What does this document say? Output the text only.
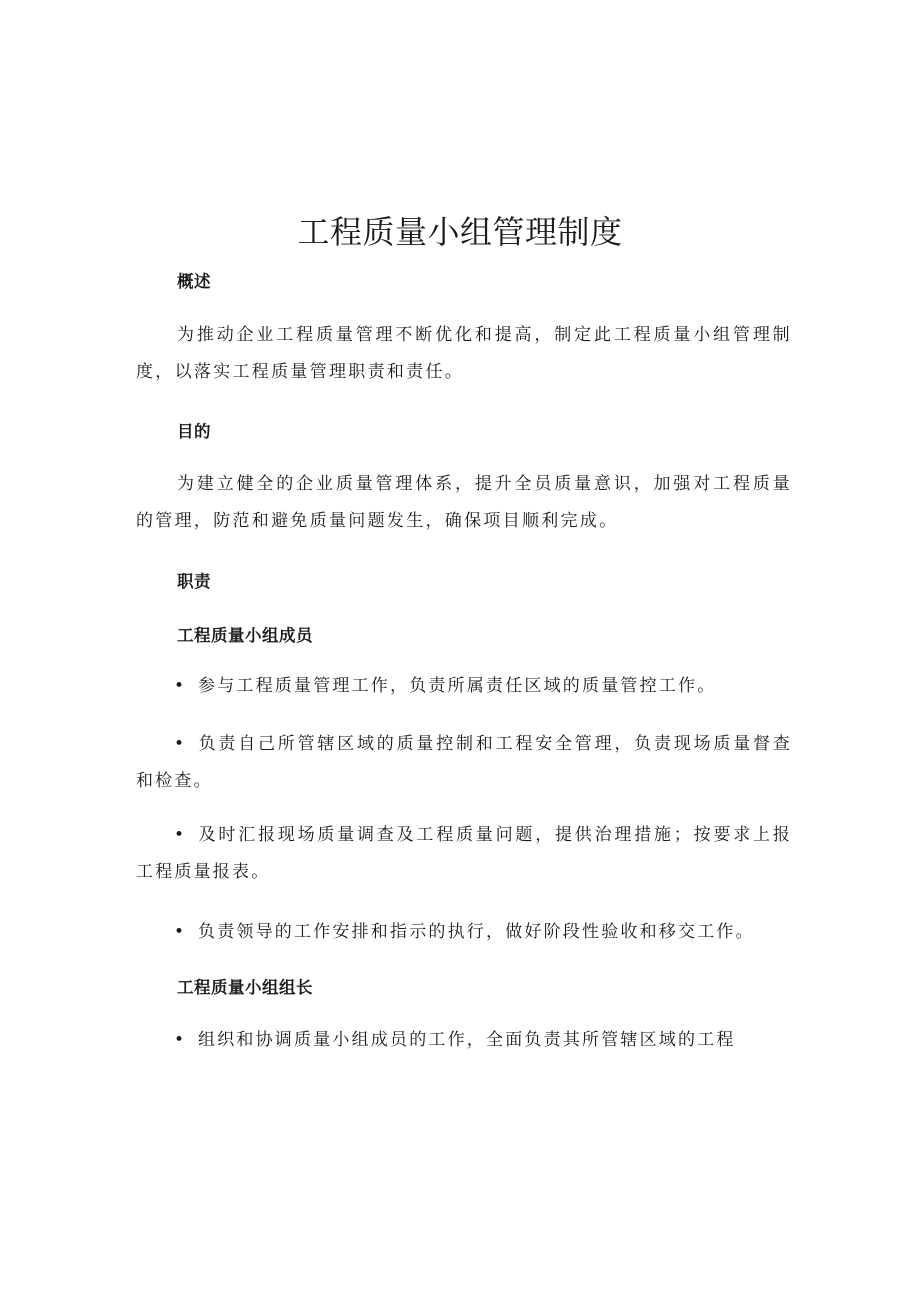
工程质量小组管理制度
概述

为推动企业工程质量管理不断优化和提高，制定此工程质量小组管理制度，以落实工程质量管理职责和责任。

目的

为建立健全的企业质量管理体系，提升全员质量意识，加强对工程质量的管理，防范和避免质量问题发生，确保项目顺利完成。

职责
工程质量小组成员

• 参与工程质量管理工作，负责所属责任区域的质量管控工作。

• 负责自己所管辖区域的质量控制和工程安全管理，负责现场质量督查和检查。

• 及时汇报现场质量调查及工程质量问题，提供治理措施；按要求上报工程质量报表。

• 负责领导的工作安排和指示的执行，做好阶段性验收和移交工作。

工程质量小组组长

• 组织和协调质量小组成员的工作，全面负责其所管辖区域的工程
